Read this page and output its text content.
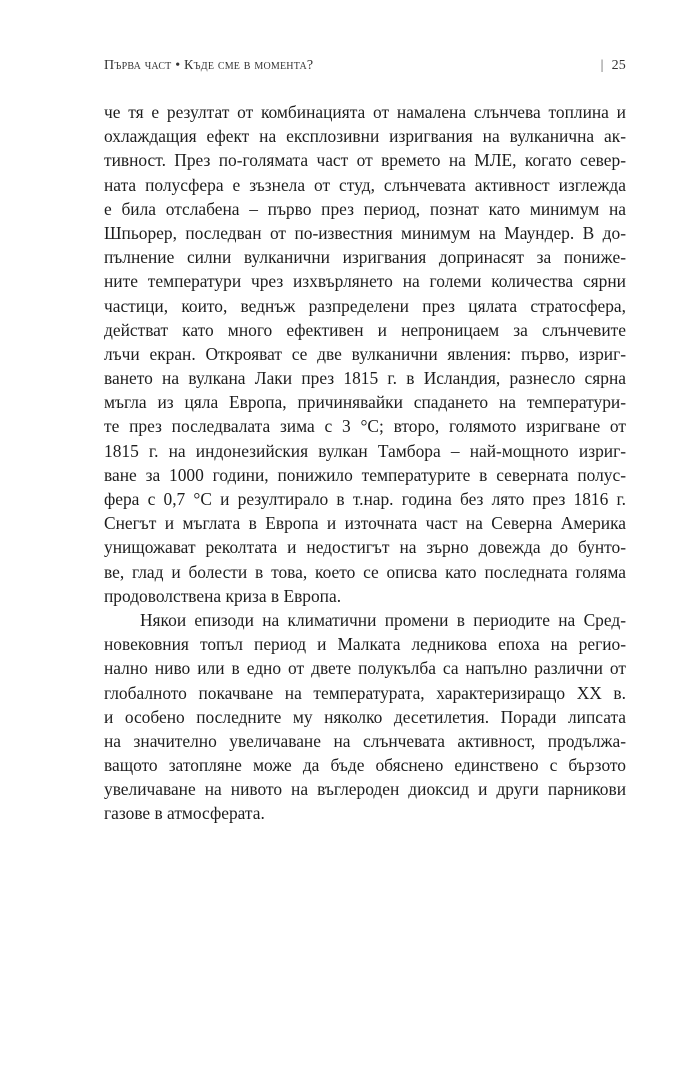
Първа част • Къде сме в момента?	| 25
че тя е резултат от комбинацията от намалена слънчева топлина и
охлаждащия ефект на експлозивни изригвания на вулканична ак-
тивност. През по-голямата част от времето на МЛЕ, когато север-
ната полусфера е зъзнела от студ, слънчевата активност изглежда
е била отслабена – първо през период, познат като минимум на
Шпьорер, последван от по-известния минимум на Маундер. В до-
пълнение силни вулканични изригвания допринасят за понижe-
ните температури чрез изхвърлянето на големи количества сярни
частици, които, веднъж разпределени през цялата стратосфера,
действат като много ефективен и непроницаем за слънчевите
лъчи екран. Открояват се две вулканични явления: първо, изриг-
ването на вулкана Лаки през 1815 г. в Исландия, разнесло сярна
мъгла из цяла Европа, причинявайки спадането на температури-
те през последвалата зима с 3 °C; второ, голямото изригване от
1815 г. на индонезийския вулкан Тамбора – най-мощното изриг-
ване за 1000 години, понижило температурите в северната полус-
фера с 0,7 °C и резултирало в т.нар. година без лято през 1816 г.
Снегът и мъглата в Европа и източната част на Северна Америка
унищожават реколтата и недостигът на зърно довежда до бунто-
ве, глад и болести в това, което се описва като последната голяма
продоволствена криза в Европа.
Някои епизоди на климатични промени в периодите на Сред-
новековния топъл период и Малката ледникова епоха на регио-
нално ниво или в едно от двете полукълба са напълно различни от
глобалното покачване на температурата, характеризиращо XX в.
и особено последните му няколко десетилетия. Поради липсата
на значително увеличаване на слънчевата активност, продължа-
ващото затопляне може да бъде обяснено единствено с бързото
увеличаване на нивото на въглероден диоксид и други парникови
газове в атмосферата.
